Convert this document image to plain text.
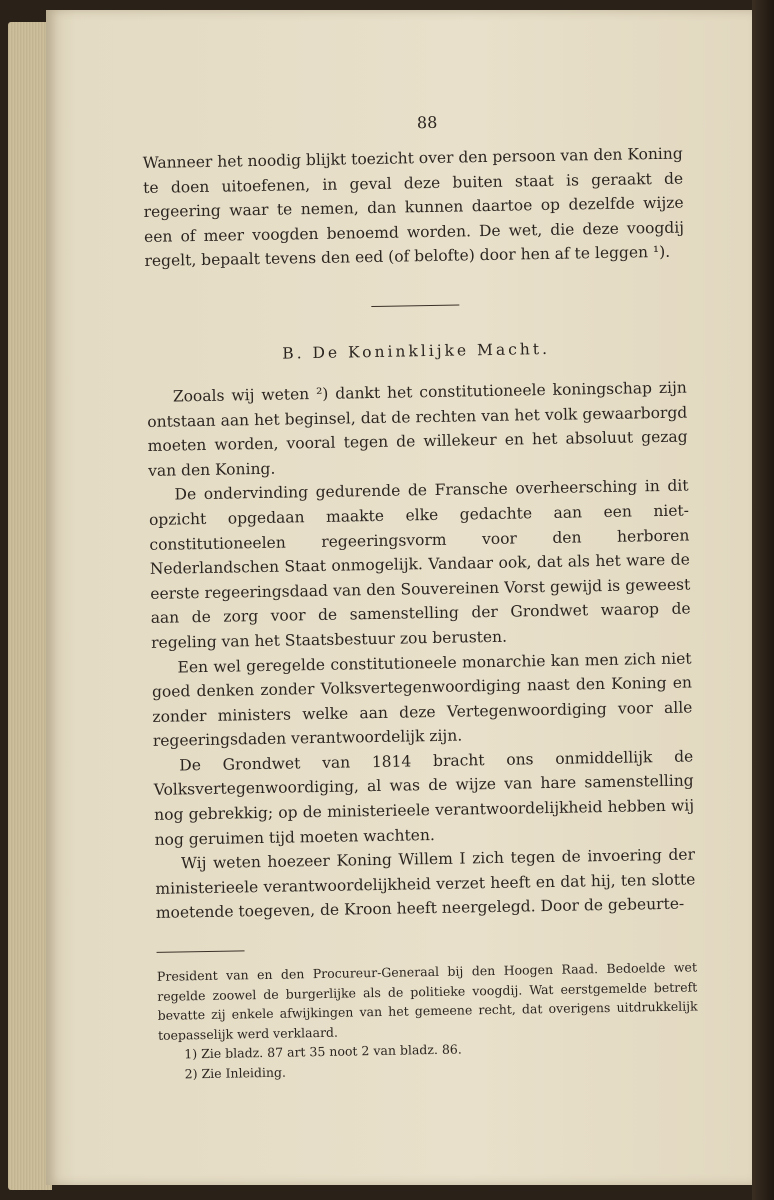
88

Wanneer het noodig blijkt toezicht over den persoon van den Koning te doen uitoefenen, in geval deze buiten staat is geraakt de regeering waar te nemen, dan kunnen daartoe op dezelfde wijze een of meer voogden benoemd worden. De wet, die deze voogdij regelt, bepaalt tevens den eed (of belofte) door hen af te leggen ¹).

B. De Koninklijke Macht.

Zooals wij weten ²) dankt het constitutioneele koningschap zijn ontstaan aan het beginsel, dat de rechten van het volk gewaarborgd moeten worden, vooral tegen de willekeur en het absoluut gezag van den Koning.

De ondervinding gedurende de Fransche overheersching in dit opzicht opgedaan maakte elke gedachte aan een niet-constitutioneelen regeeringsvorm voor den herboren Nederlandschen Staat onmogelijk. Vandaar ook, dat als het ware de eerste regeeringsdaad van den Souvereinen Vorst gewijd is geweest aan de zorg voor de samenstelling der Grondwet waarop de regeling van het Staatsbestuur zou berusten.

Een wel geregelde constitutioneele monarchie kan men zich niet goed denken zonder Volksvertegenwoordiging naast den Koning en zonder ministers welke aan deze Vertegenwoordiging voor alle regeeringsdaden verantwoordelijk zijn.

De Grondwet van 1814 bracht ons onmiddellijk de Volksvertegenwoordiging, al was de wijze van hare samenstelling nog gebrekkig; op de ministerieele verantwoordelijkheid hebben wij nog geruimen tijd moeten wachten.

Wij weten hoezeer Koning Willem I zich tegen de invoering der ministerieele verantwoordelijkheid verzet heeft en dat hij, ten slotte moetende toegeven, de Kroon heeft neergelegd. Door de gebeurte-

President van en den Procureur-Generaal bij den Hoogen Raad. Bedoelde wet regelde zoowel de burgerlijke als de politieke voogdij. Wat eerstgemelde betreft bevatte zij enkele afwijkingen van het gemeene recht, dat overigens uitdrukkelijk toepasselijk werd verklaard.

1) Zie bladz. 87 art 35 noot 2 van bladz. 86.

2) Zie Inleiding.
